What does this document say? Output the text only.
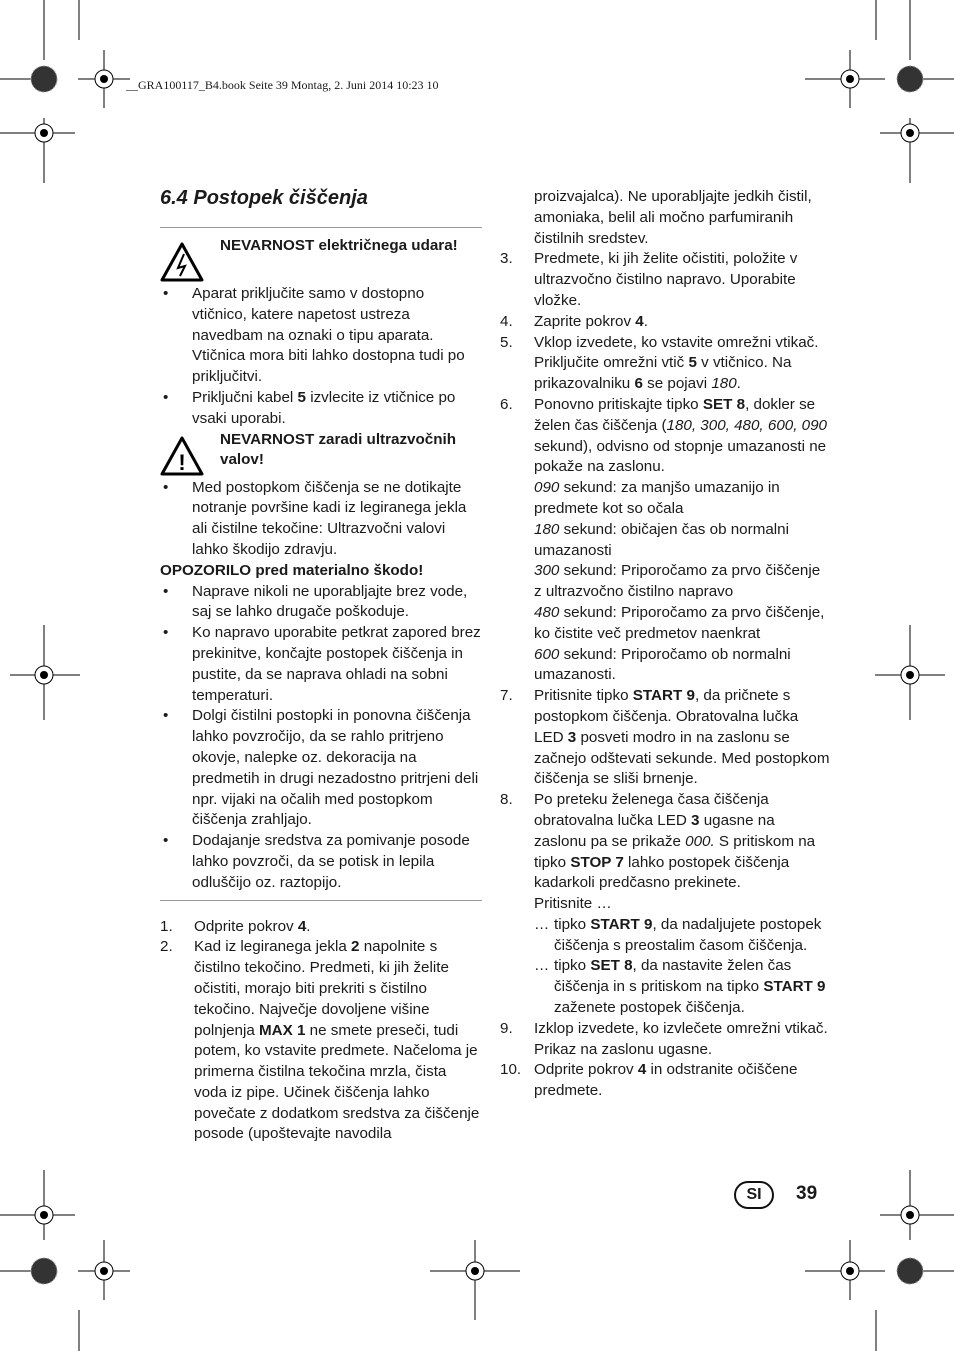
__GRA100117_B4.book Seite 39 Montag, 2. Juni 2014 10:23 10
6.4 Postopek čiščenja
NEVARNOST električnega udara!
• Aparat priključite samo v dostopno vtičnico, katere napetost ustreza navedbam na oznaki o tipu aparata. Vtičnica mora biti lahko dostopna tudi po priključitvi.
• Priključni kabel 5 izvlecite iz vtičnice po vsaki uporabi.
!
NEVARNOST zaradi ultrazvočnih valov!
• Med postopkom čiščenja se ne dotikajte notranje površine kadi iz legiranega jekla ali čistilne tekočine: Ultrazvočni valovi lahko škodijo zdravju.
OPOZORILO pred materialno škodo!
• Naprave nikoli ne uporabljajte brez vode, saj se lahko drugače poškoduje.
• Ko napravo uporabite petkrat zapored brez prekinitve, končajte postopek čiščenja in pustite, da se naprava ohladi na sobni temperaturi.
• Dolgi čistilni postopki in ponovna čiščenja lahko povzročijo, da se rahlo pritrjeno okovje, nalepke oz. dekoracija na predmetih in drugi nezadostno pritrjeni deli npr. vijaki na očalih med postopkom čiščenja zrahljajo.
• Dodajanje sredstva za pomivanje posode lahko povzroči, da se potisk in lepila odluščijo oz. raztopijo.
1. Odprite pokrov 4.
2. Kad iz legiranega jekla 2 napolnite s čistilno tekočino. Predmeti, ki jih želite očistiti, morajo biti prekriti s čistilno tekočino. Največje dovoljene višine polnjenja MAX 1 ne smete preseči, tudi potem, ko vstavite predmete. Načeloma je primerna čistilna tekočina mrzla, čista voda iz pipe. Učinek čiščenja lahko povečate z dodatkom sredstva za čiščenje posode (upoštevajte navodila
proizvajalca). Ne uporabljajte jedkih čistil, amoniaka, belil ali močno parfumiranih čistilnih sredstev.
3. Predmete, ki jih želite očistiti, položite v ultrazvočno čistilno napravo. Uporabite vložke.
4. Zaprite pokrov 4.
5. Vklop izvedete, ko vstavite omrežni vtikač. Priključite omrežni vtič 5 v vtičnico. Na prikazovalniku 6 se pojavi 180.
6. Ponovno pritiskajte tipko SET 8, dokler se želen čas čiščenja (180, 300, 480, 600, 090 sekund), odvisno od stopnje umazanosti ne pokaže na zaslonu.
090 sekund: za manjšo umazanijo in predmete kot so očala
180 sekund: običajen čas ob normalni umazanosti
300 sekund: Priporočamo za prvo čiščenje z ultrazvočno čistilno napravo
480 sekund: Priporočamo za prvo čiščenje, ko čistite več predmetov naenkrat
600 sekund: Priporočamo ob normalni umazanosti.
7. Pritisnite tipko START 9, da pričnete s postopkom čiščenja. Obratovalna lučka LED 3 posveti modro in na zaslonu se začnejo odštevati sekunde. Med postopkom čiščenja se sliši brnenje.
8. Po preteku želenega časa čiščenja obratovalna lučka LED 3 ugasne na zaslonu pa se prikaže 000. S pritiskom na tipko STOP 7 lahko postopek čiščenja kadarkoli predčasno prekinete.
Pritisnite …
… tipko START 9, da nadaljujete postopek čiščenja s preostalim časom čiščenja.
… tipko SET 8, da nastavite želen čas čiščenja in s pritiskom na tipko START 9 zaženete postopek čiščenja.
9. Izklop izvedete, ko izvlečete omrežni vtikač. Prikaz na zaslonu ugasne.
10. Odprite pokrov 4 in odstranite očiščene predmete.
SI	39
